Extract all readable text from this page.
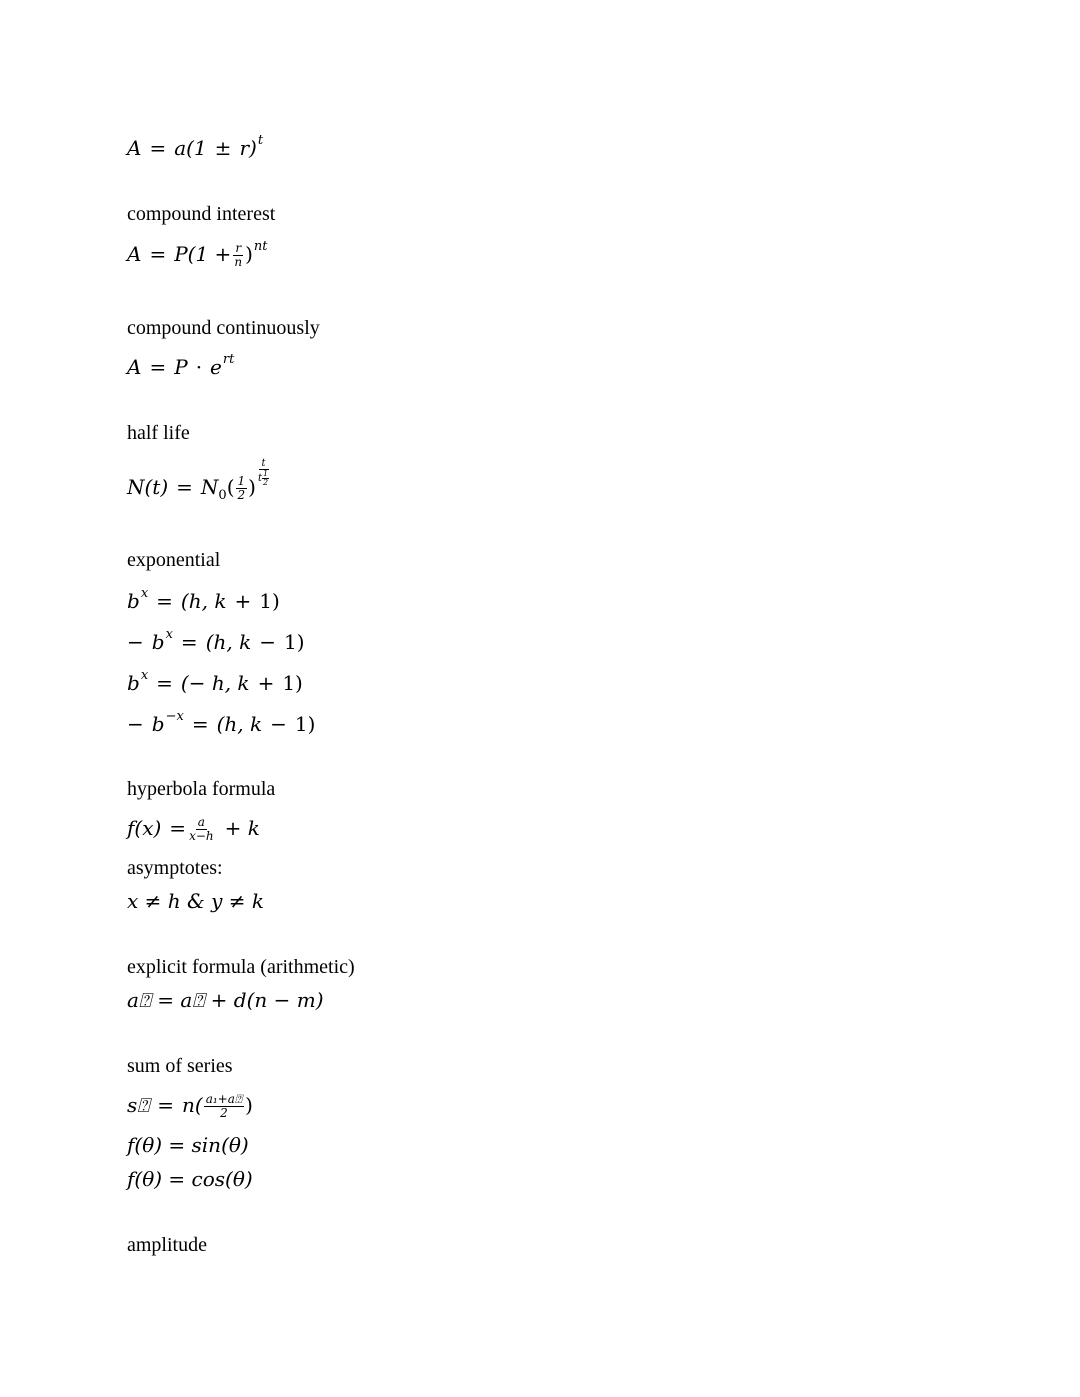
$A = a(1 \pm r)^t$
compound interest
$A = P(1 + \frac{r}{n} )^{nt}$
compound continuously
$A = P \cdot e^{rt}$
half life
$N(t) = N_0( \frac{1}{2}$ ) $\frac{t}{t \frac{1}{2}}$
exponential
$b^x = (h$, k + 1)
− $b^x = (h$, k − 1)
$b^x$ = (− h, k + 1)
− $b^{-x} = (h$, k − 1)
hyperbola formula
$f(x) = \frac{a}{x-h} + k$
asymptotes:
x ≠ h & y ≠ k
explicit formula (arithmetic)
a⍰ = a⍰ + d(n − m)
sum of series
s⍰ = $n( \frac{\text{a₁+a⍰}}{2}$ )
f(θ) = sin(θ)
f(θ) = cos(θ)
amplitude
